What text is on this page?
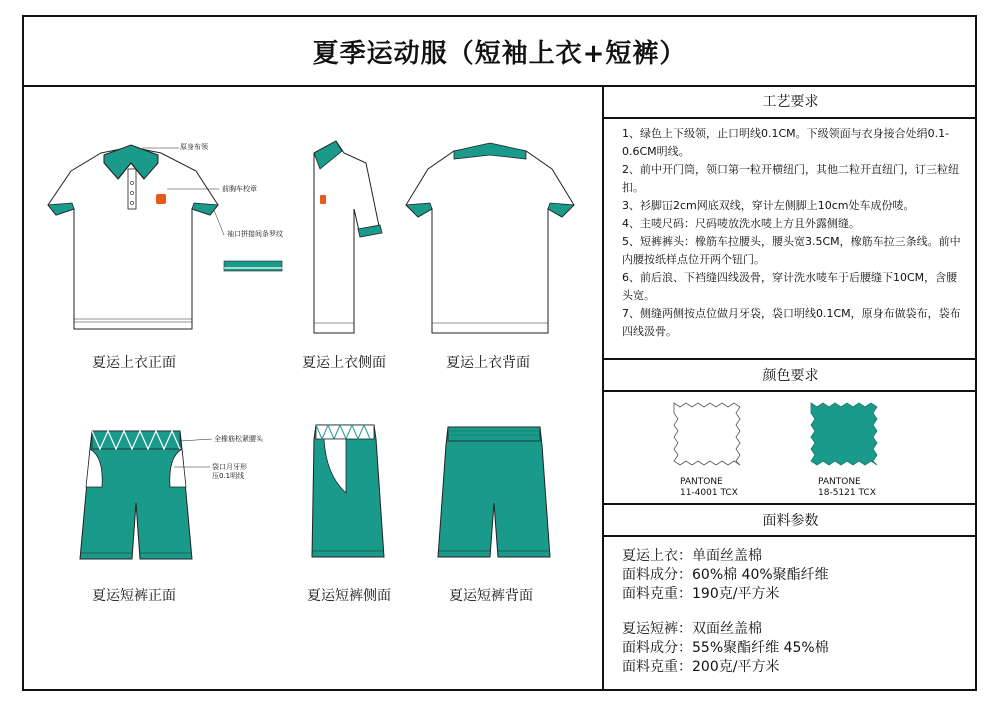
夏季运动服（短袖上衣+短裤）
原身布领
前胸车校章
袖口拼接间条罗纹
夏运上衣正面	夏运上衣侧面	夏运上衣背面
全橡筋松紧腰头
袋口月牙形
压0.1明线
夏运短裤正面	夏运短裤侧面	夏运短裤背面
工艺要求

1、绿色上下级领，止口明线0.1CM。下级领面与衣身接合处绢0.1-0.6CM明线。

2、前中开门筒，领口第一粒开横纽门，其他二粒开直纽门，订三粒纽扣。

3、衫脚冚2cm网底双线，穿计左侧脚上10cm处车成份唛。

4、主唛尺码：尺码唛放洗水唛上方且外露侧缝。

5、短裤裤头：橡筋车拉腰头，腰头宽3.5CM，橡筋车拉三条线。前中内腰按纸样点位开两个钮门。

6、前后浪、下裆缝四线汲骨，穿计洗水唛车于后腰缝下10CM，含腰头宽。

7、侧缝两侧按点位做月牙袋，袋口明线0.1CM，原身布做袋布，袋布四线汲骨。

颜色要求
PANTONE
11-4001 TCX
PANTONE
18-5121 TCX
面料参数
夏运上衣：单面丝盖棉
面料成分：60%棉 40%聚酯纤维
面料克重：190克/平方米
夏运短裤：双面丝盖棉
面料成分：55%聚酯纤维 45%棉
面料克重：200克/平方米
